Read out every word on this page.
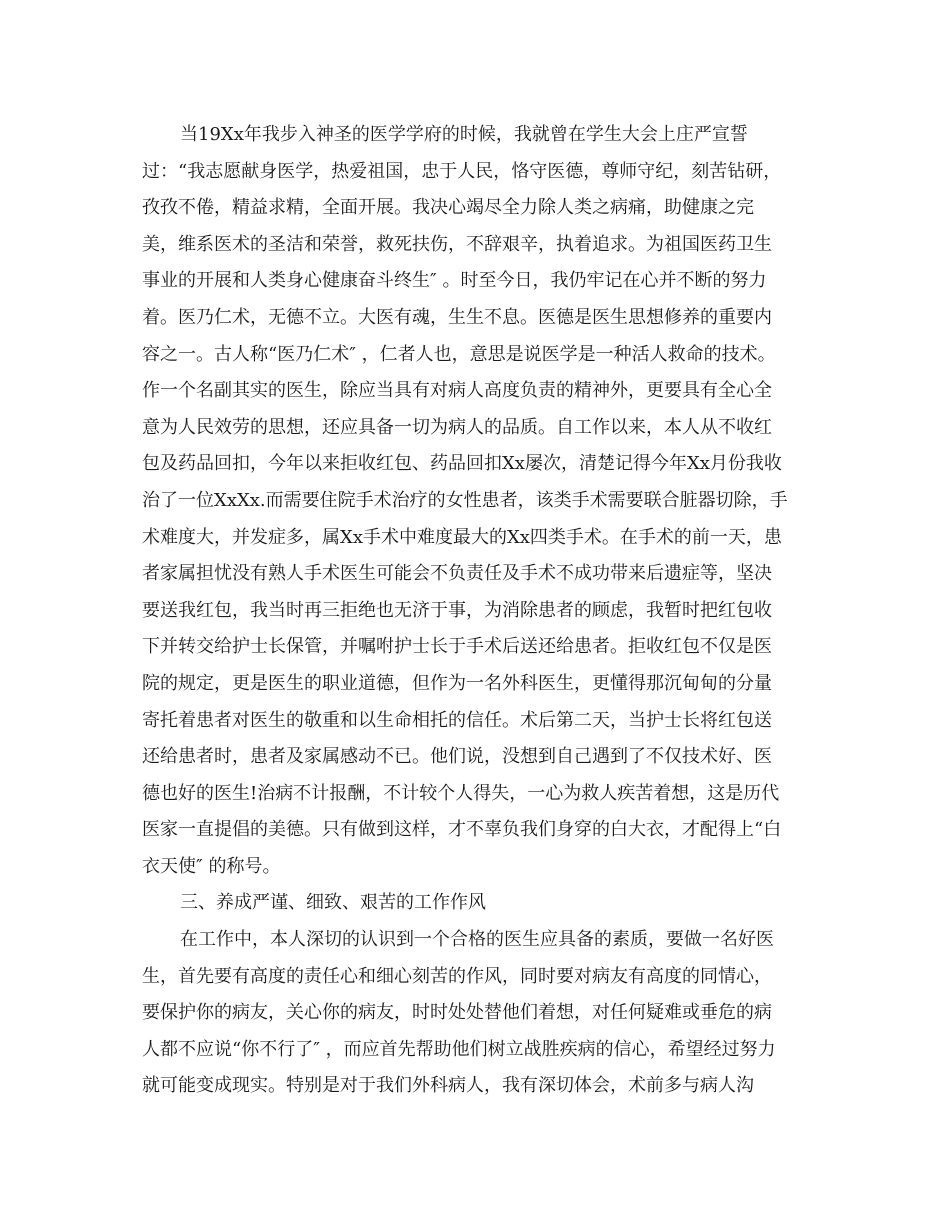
当19Xx年我步入神圣的医学学府的时候，我就曾在学生大会上庄严宣誓
过：“我志愿献身医学，热爱祖国，忠于人民，恪守医德，尊师守纪，刻苦钻研，
孜孜不倦，精益求精，全面开展。我决心竭尽全力除人类之病痛，助健康之完
美，维系医术的圣洁和荣誉，救死扶伤，不辞艰辛，执着追求。为祖国医药卫生
事业的开展和人类身心健康奋斗终生″ 。时至今日，我仍牢记在心并不断的努力
着。医乃仁术，无德不立。大医有魂，生生不息。医德是医生思想修养的重要内
容之一。古人称“医乃仁术″ ，仁者人也，意思是说医学是一种活人救命的技术。
作一个名副其实的医生，除应当具有对病人高度负责的精神外，更要具有全心全
意为人民效劳的思想，还应具备一切为病人的品质。自工作以来，本人从不收红
包及药品回扣，今年以来拒收红包、药品回扣Xx屡次，清楚记得今年Xx月份我收
治了一位XxXx.而需要住院手术治疗的女性患者，该类手术需要联合脏器切除，手
术难度大，并发症多，属Xx手术中难度最大的Xx四类手术。在手术的前一天，患
者家属担忧没有熟人手术医生可能会不负责任及手术不成功带来后遗症等，坚决
要送我红包，我当时再三拒绝也无济于事，为消除患者的顾虑，我暂时把红包收
下并转交给护士长保管，并嘱咐护士长于手术后送还给患者。拒收红包不仅是医
院的规定，更是医生的职业道德，但作为一名外科医生，更懂得那沉甸甸的分量
寄托着患者对医生的敬重和以生命相托的信任。术后第二天，当护士长将红包送
还给患者时，患者及家属感动不已。他们说，没想到自己遇到了不仅技术好、医
德也好的医生!治病不计报酬，不计较个人得失，一心为救人疾苦着想，这是历代
医家一直提倡的美德。只有做到这样，才不辜负我们身穿的白大衣，才配得上“白
衣天使″ 的称号。
三、养成严谨、细致、艰苦的工作作风
在工作中，本人深切的认识到一个合格的医生应具备的素质，要做一名好医
生，首先要有高度的责任心和细心刻苦的作风，同时要对病友有高度的同情心，
要保护你的病友，关心你的病友，时时处处替他们着想，对任何疑难或垂危的病
人都不应说“你不行了″ ，而应首先帮助他们树立战胜疾病的信心，希望经过努力
就可能变成现实。特别是对于我们外科病人，我有深切体会，术前多与病人沟
